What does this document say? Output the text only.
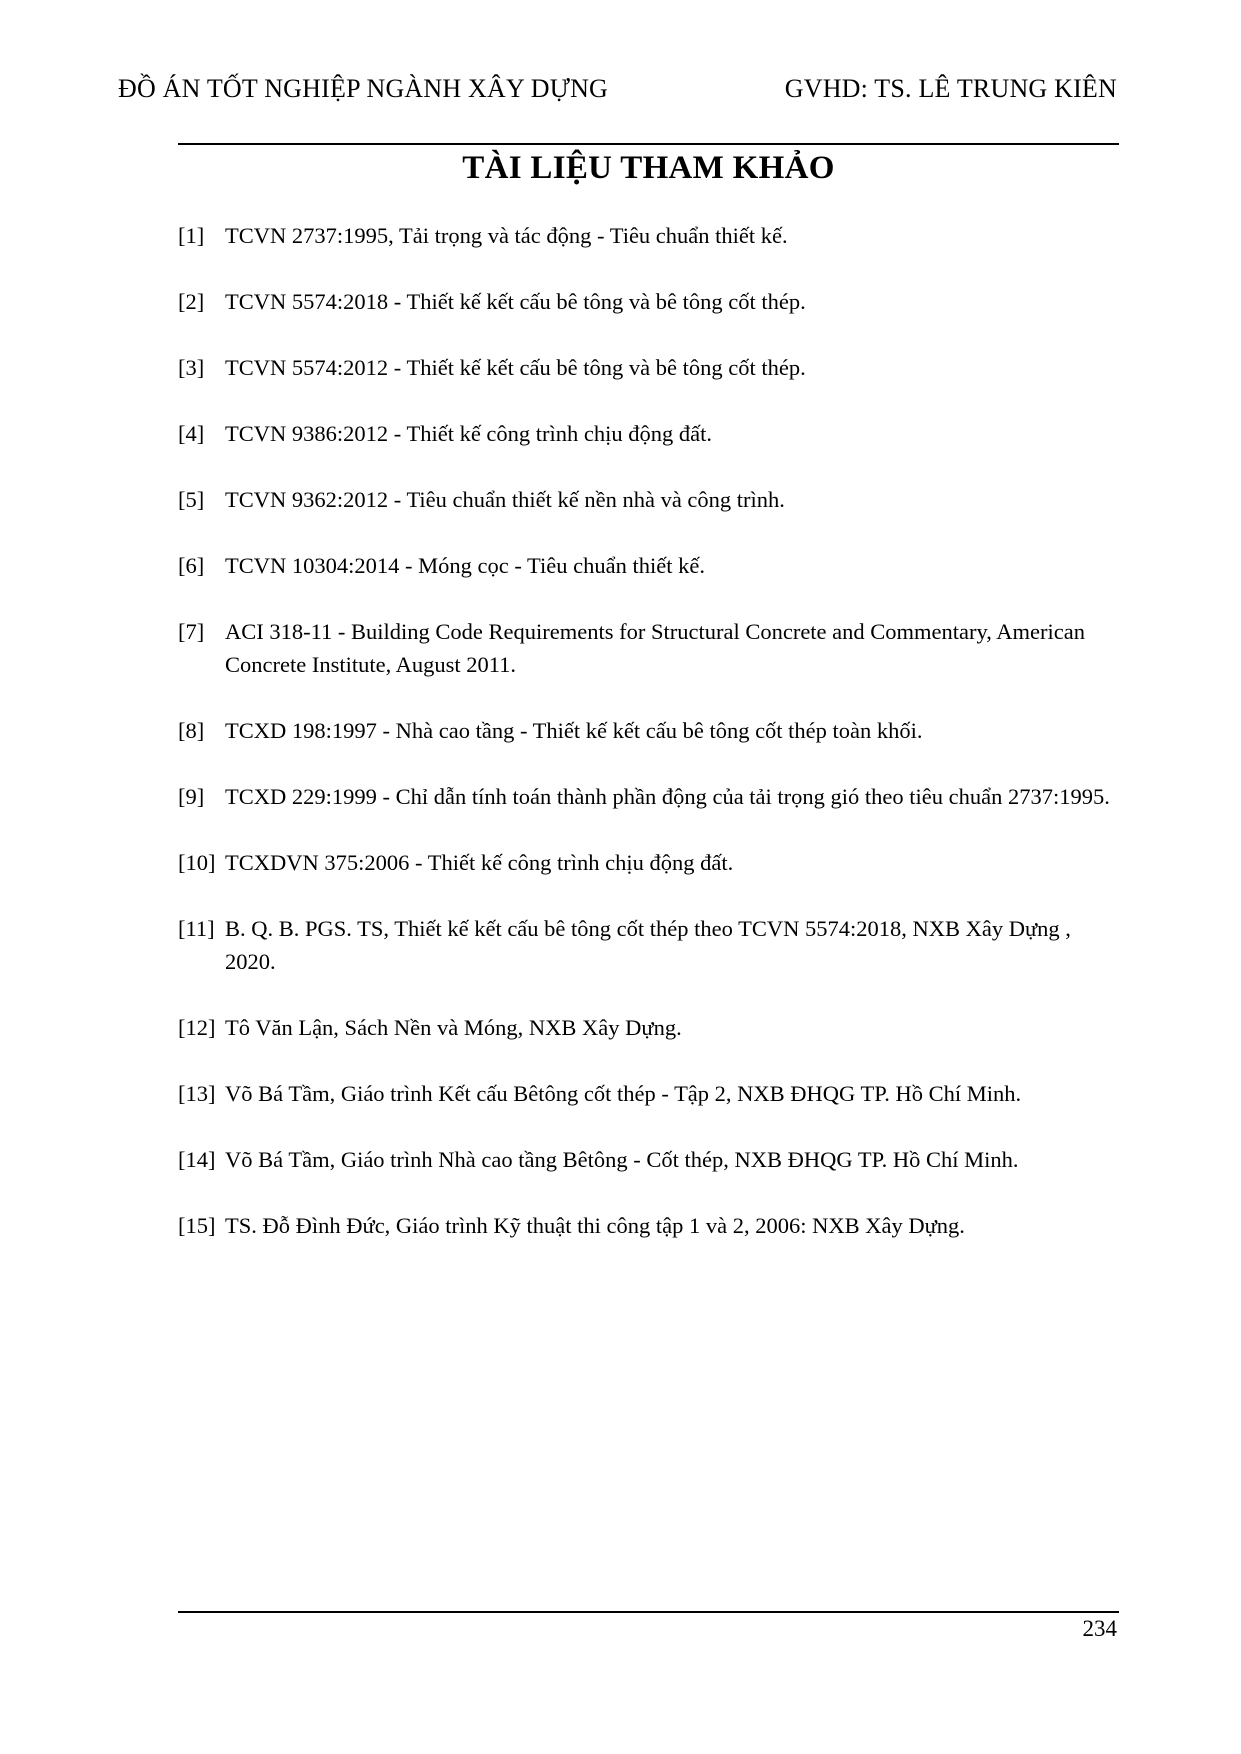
ĐỒ ÁN TỐT NGHIỆP NGÀNH XÂY DỰNG	GVHD: TS. LÊ TRUNG KIÊN
TÀI LIỆU THAM KHẢO
[1] TCVN 2737:1995, Tải trọng và tác động - Tiêu chuẩn thiết kế.
[2] TCVN 5574:2018 - Thiết kế kết cấu bê tông và bê tông cốt thép.
[3] TCVN 5574:2012 - Thiết kế kết cấu bê tông và bê tông cốt thép.
[4] TCVN 9386:2012 - Thiết kế công trình chịu động đất.
[5] TCVN 9362:2012 - Tiêu chuẩn thiết kế nền nhà và công trình.
[6] TCVN 10304:2014 - Móng cọc - Tiêu chuẩn thiết kế.
[7] ACI 318-11 - Building Code Requirements for Structural Concrete and Commentary, American Concrete Institute, August 2011.
[8] TCXD 198:1997 - Nhà cao tầng - Thiết kế kết cấu bê tông cốt thép toàn khối.
[9] TCXD 229:1999 - Chỉ dẫn tính toán thành phần động của tải trọng gió theo tiêu chuẩn 2737:1995.
[10] TCXDVN 375:2006 - Thiết kế công trình chịu động đất.
[11] B. Q. B. PGS. TS, Thiết kế kết cấu bê tông cốt thép theo TCVN 5574:2018, NXB Xây Dựng , 2020.
[12] Tô Văn Lận, Sách Nền và Móng, NXB Xây Dựng.
[13] Võ Bá Tầm, Giáo trình Kết cấu Bêtông cốt thép - Tập 2, NXB ĐHQG TP. Hồ Chí Minh.
[14] Võ Bá Tầm, Giáo trình Nhà cao tầng Bêtông - Cốt thép, NXB ĐHQG TP. Hồ Chí Minh.
[15] TS. Đỗ Đình Đức, Giáo trình Kỹ thuật thi công tập 1 và 2, 2006: NXB Xây Dựng.
234
